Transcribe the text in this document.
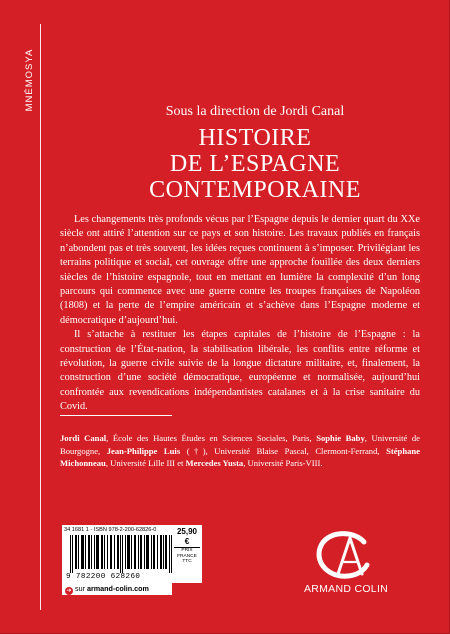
MNÉMOSYA
Sous la direction de Jordi Canal
HISTOIRE
DE L’ESPAGNE
CONTEMPORAINE

Les changements très profonds vécus par l’Espagne depuis le dernier quart du XXe siècle ont attiré l’attention sur ce pays et son histoire. Les travaux publiés en français n’abondent pas et très souvent, les idées reçues continuent à s’imposer. Privilégiant les terrains politique et social, cet ouvrage offre une approche fouillée des deux derniers siècles de l’histoire espagnole, tout en mettant en lumière la complexité d’un long parcours qui commence avec une guerre contre les troupes françaises de Napoléon (1808) et la perte de l’empire américain et s’achève dans l’Espagne moderne et démocratique d’aujourd’hui.

Il s’attache à restituer les étapes capitales de l’histoire de l’Espagne : la construction de l’État-nation, la stabilisation libérale, les conflits entre réforme et révolution, la guerre civile suivie de la longue dictature militaire, et, finalement, la construction d’une société démocratique, européenne et normalisée, aujourd’hui confrontée aux revendications indépendantistes catalanes et à la crise sanitaire du Covid.

Jordi Canal, École des Hautes Études en Sciences Sociales, Paris, Sophie Baby, Université de Bourgogne, Jean-Philippe Luis (†), Université Blaise Pascal, Clermont-Ferrand, Stéphane Michonneau, Université Lille III et Mercedes Yusta, Université Paris-VIII.
34 1681 1 - ISBN 978-2-200-62826-0
9 782200 628260
25,90 €
PRIX
FRANCE
TTC
➜ sur armand-colin.com	ARMAND COLIN
